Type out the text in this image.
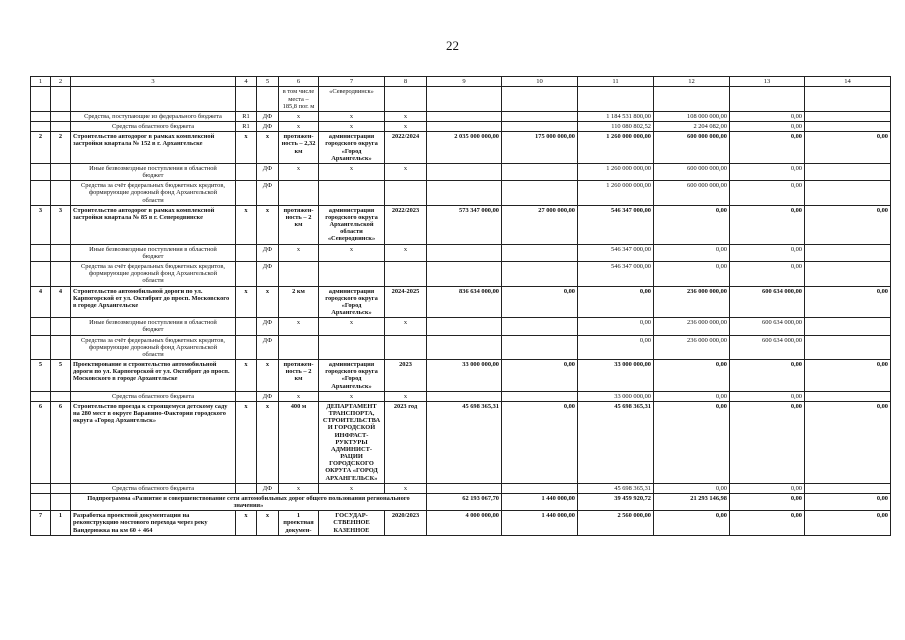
22
1	2	3	4	5	6	7	8	9	10	11	12	13	14
					в том числе места – 185,8 пог. м	«Северодвинск»							
		Средства, поступающие из федерального бюджета	R1	ДФ	х	х	х			1 184 531 800,00	108 000 000,00	0,00	
		Средства областного бюджета	R1	ДФ	х	х	х			110 080 802,52	2 204 082,00	0,00	
2	2	Строительство автодорог в рамках комплексной застройки квартала № 152 в г. Архангельске	х	х	протяжен-ность – 2,32 км	администрация городского округа «Город Архангельск»	2022/2024	2 035 000 000,00	175 000 000,00	1 260 000 000,00	600 000 000,00	0,00	0,00
		Иные безвозмездные поступления в областной бюджет		ДФ	х	х	х			1 260 000 000,00	600 000 000,00	0,00	
		Средства за счёт федеральных бюджетных кредитов, формирующие дорожный фонд Архангельской области		ДФ						1 260 000 000,00	600 000 000,00	0,00	
3	3	Строительство автодорог в рамках комплексной застройки квартала № 85 в г. Северодвинске	х	х	протяжен-ность – 2 км	администрация городского округа Архангельской области «Северодвинск»	2022/2023	573 347 000,00	27 000 000,00	546 347 000,00	0,00	0,00	0,00
		Иные безвозмездные поступления в областной бюджет		ДФ	х	х	х			546 347 000,00	0,00	0,00	
		Средства за счёт федеральных бюджетных кредитов, формирующие дорожный фонд Архангельской области		ДФ						546 347 000,00	0,00	0,00	
4	4	Строительство автомобильной дороги по ул. Карпогорской от ул. Октябрят до просп. Московского в городе Архангельске	х	х	2 км	администрация городского округа «Город Архангельск»	2024-2025	836 634 000,00	0,00	0,00	236 000 000,00	600 634 000,00	0,00
		Иные безвозмездные поступления в областной бюджет		ДФ	х	х	х			0,00	236 000 000,00	600 634 000,00	
		Средства за счёт федеральных бюджетных кредитов, формирующие дорожный фонд Архангельской области		ДФ						0,00	236 000 000,00	600 634 000,00	
5	5	Проектирование и строительство автомобильной дороги по ул. Карпогорской от ул. Октябрят до просп. Московского в городе Архангельске	х	х	протяжен-ность – 2 км	администрация городского округа «Город Архангельск»	2023	33 000 000,00	0,00	33 000 000,00	0,00	0,00	0,00
		Средства областного бюджета		ДФ	х	х	х			33 000 000,00	0,00	0,00	
6	6	Строительство проезда к строящемуся детскому саду на 280 мест в округе Варавино-Фактория городского округа «Город Архангельск»	х	х	400 м	ДЕПАРТАМЕНТ ТРАНСПОРТА, СТРОИТЕЛЬСТВА И ГОРОДСКОЙ ИНФРАСТ-РУКТУРЫ АДМИНИСТ-РАЦИИ ГОРОДСКОГО ОКРУГА «ГОРОД АРХАНГЕЛЬСК»	2023 год	45 698 365,31	0,00	45 698 365,31	0,00	0,00	0,00
		Средства областного бюджета		ДФ	х	х	х			45 698 365,31	0,00	0,00	
		Подпрограмма «Развитие и совершенствование сети автомобильных дорог общего пользования регионального значения»						62 193 067,70	1 440 000,00	39 459 920,72	21 293 146,98	0,00	0,00
7	1	Разработка проектной документации на реконструкцию мостового перехода через реку Вандерюжка на км 60 + 464	х	х	1 проектная докумен-	ГОСУДАР-СТВЕННОЕ КАЗЕННОЕ	2020/2023	4 000 000,00	1 440 000,00	2 560 000,00	0,00	0,00	0,00
